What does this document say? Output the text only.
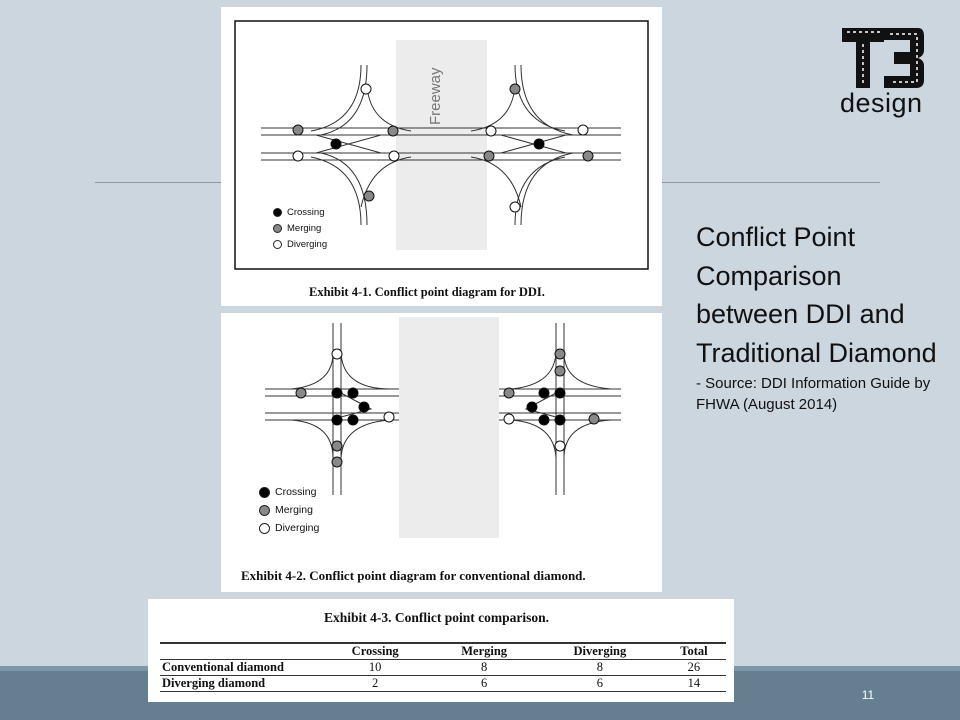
11
design
Conflict Point Comparison between DDI and Traditional Diamond
- Source: DDI Information Guide by FHWA (August 2014)
Freeway
Crossing
Merging
Diverging
Exhibit 4-1. Conflict point diagram for DDI.
Crossing
Merging
Diverging
Exhibit 4-2. Conflict point diagram for conventional diamond.
Exhibit 4-3. Conflict point comparison.
	Crossing	Merging	Diverging	Total
Conventional diamond	10	8	8	26
Diverging diamond	2	6	6	14
